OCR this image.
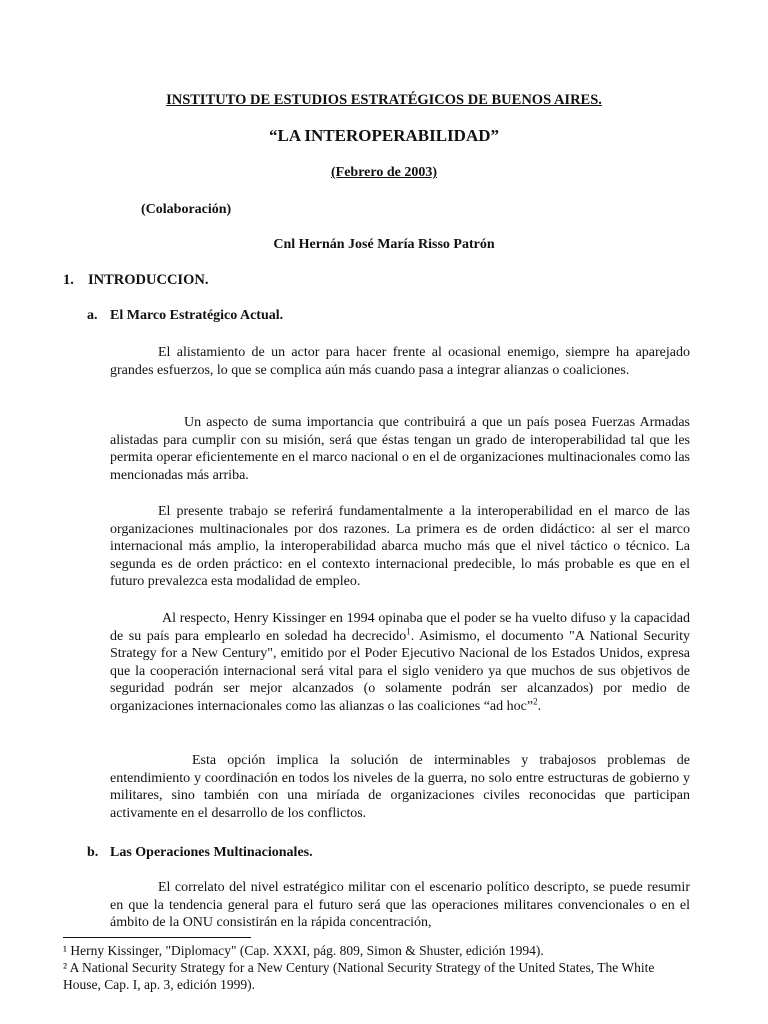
INSTITUTO DE ESTUDIOS ESTRATÉGICOS DE BUENOS AIRES.
“LA INTEROPERABILIDAD”
(Febrero de 2003)
(Colaboración)
Cnl Hernán José María Risso Patrón
1. INTRODUCCION.
a. El Marco Estratégico Actual.

El alistamiento de un actor para hacer frente al ocasional enemigo, siempre ha aparejado grandes esfuerzos, lo que se complica aún más cuando pasa a integrar alianzas o coaliciones.

Un aspecto de suma importancia que contribuirá a que un país posea Fuerzas Armadas alistadas para cumplir con su misión, será que éstas tengan un grado de interoperabilidad tal que les permita operar eficientemente en el marco nacional o en el de organizaciones multinacionales como las mencionadas más arriba.

El presente trabajo se referirá fundamentalmente a la interoperabilidad en el marco de las organizaciones multinacionales por dos razones. La primera es de orden didáctico: al ser el marco internacional más amplio, la interoperabilidad abarca mucho más que el nivel táctico o técnico. La segunda es de orden práctico: en el contexto internacional predecible, lo más probable es que en el futuro prevalezca esta modalidad de empleo.

Al respecto, Henry Kissinger en 1994 opinaba que el poder se ha vuelto difuso y la capacidad de su país para emplearlo en soledad ha decrecido$^1$. Asimismo, el documento "A National Security Strategy for a New Century", emitido por el Poder Ejecutivo Nacional de los Estados Unidos, expresa que la cooperación internacional será vital para el siglo venidero ya que muchos de sus objetivos de seguridad podrán ser mejor alcanzados (o solamente podrán ser alcanzados) por medio de organizaciones internacionales como las alianzas o las coaliciones “ad hoc”$^2$.

Esta opción implica la solución de interminables y trabajosos problemas de entendimiento y coordinación en todos los niveles de la guerra, no solo entre estructuras de gobierno y militares, sino también con una miríada de organizaciones civiles reconocidas que participan activamente en el desarrollo de los conflictos.

b. Las Operaciones Multinacionales.

El correlato del nivel estratégico militar con el escenario político descripto, se puede resumir en que la tendencia general para el futuro será que las operaciones militares convencionales o en el ámbito de la ONU consistirán en la rápida concentración,

¹ Herny Kissinger, "Diplomacy" (Cap. XXXI, pág. 809, Simon & Shuster, edición 1994).

² A National Security Strategy for a New Century (National Security Strategy of the United States, The White House, Cap. I, ap. 3, edición 1999).
